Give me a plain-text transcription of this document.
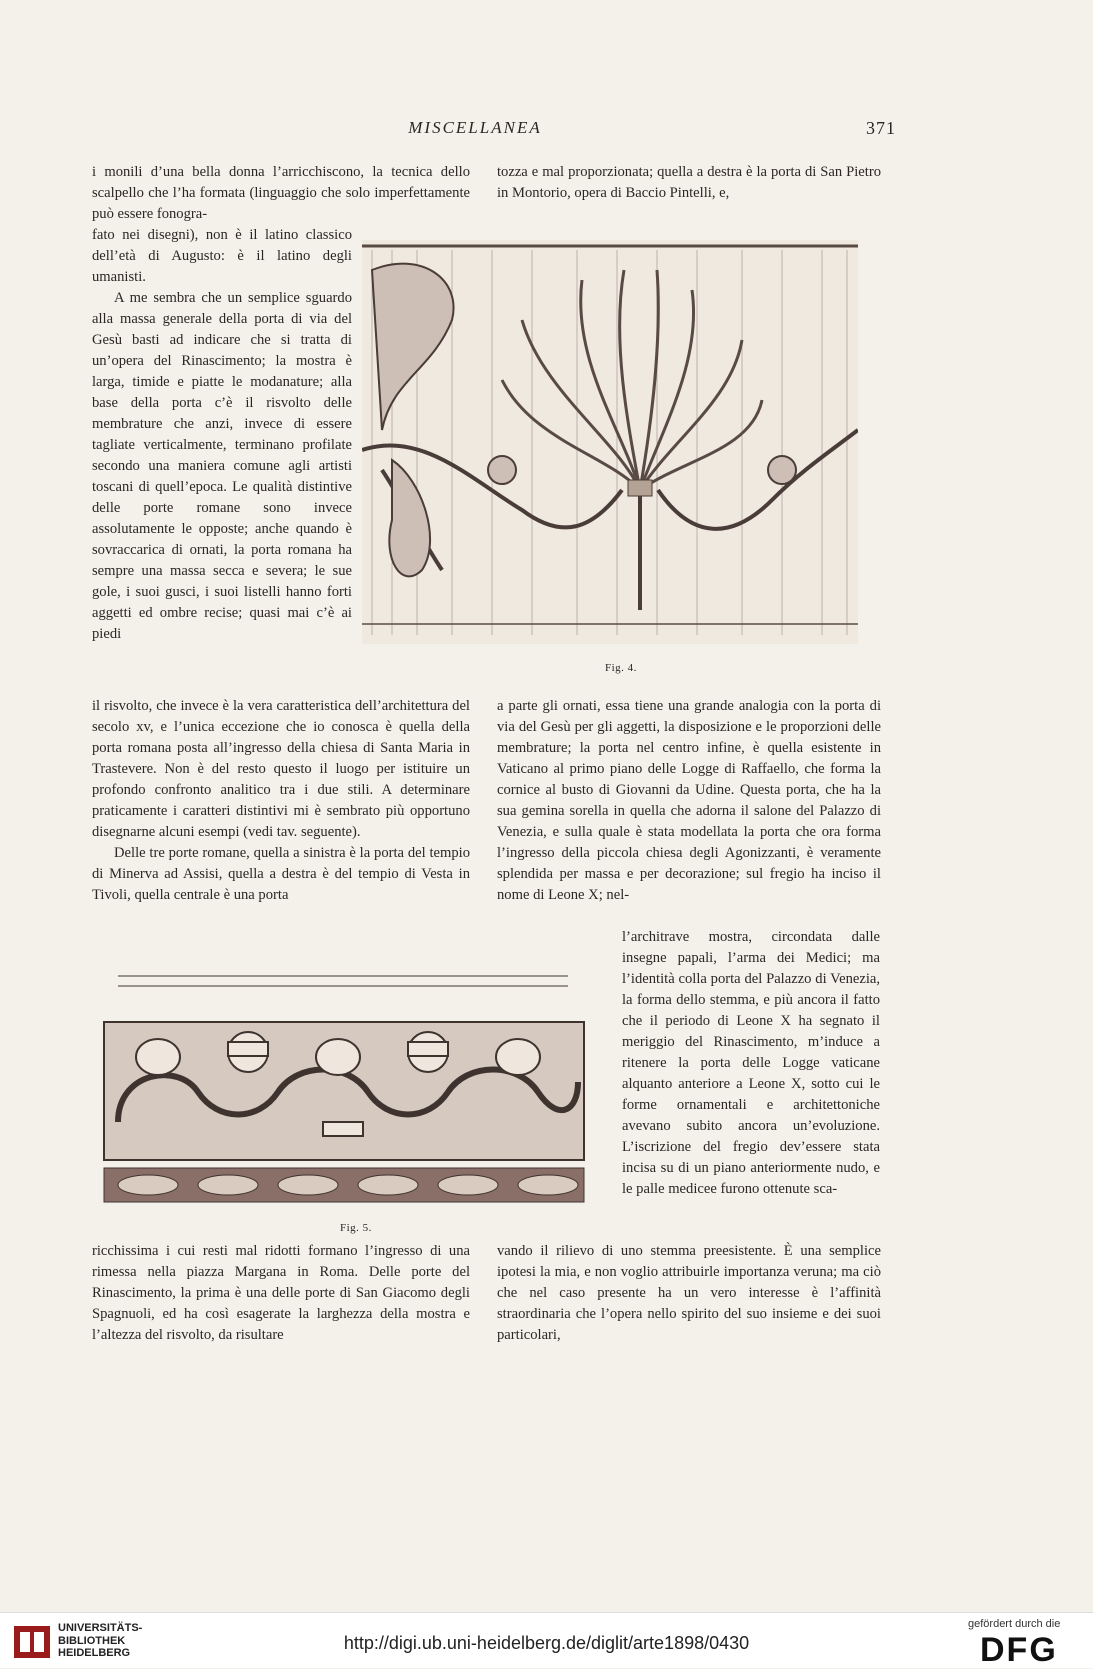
MISCELLANEA	371

i monili d’una bella donna l’arricchiscono, la tecnica dello scalpello che l’ha formata (linguaggio che solo imperfettamente può essere fonogra-

tozza e mal proporzionata; quella a destra è la porta di San Pietro in Montorio, opera di Baccio Pintelli, e,

fato nei disegni), non è il latino classico dell’età di Augusto: è il latino degli umanisti.

A me sembra che un semplice sguardo alla massa generale della porta di via del Gesù basti ad indicare che si tratta di un’opera del Rinascimento; la mostra è larga, timide e piatte le modanature; alla base della porta c’è il risvolto delle membrature che anzi, invece di essere tagliate verticalmente, terminano profilate secondo una maniera comune agli artisti toscani di quell’epoca. Le qualità distintive delle porte romane sono invece assolutamente le opposte; anche quando è sovraccarica di ornati, la porta romana ha sempre una massa secca e severa; le sue gole, i suoi gusci, i suoi listelli hanno forti aggetti ed ombre recise; quasi mai c’è ai piedi

Fig. 4.

il risvolto, che invece è la vera caratteristica dell’architettura del secolo xv, e l’unica eccezione che io conosca è quella della porta romana posta all’ingresso della chiesa di Santa Maria in Trastevere. Non è del resto questo il luogo per istituire un profondo confronto analitico tra i due stili. A determinare praticamente i caratteri distintivi mi è sembrato più opportuno disegnarne alcuni esempi (vedi tav. seguente).

Delle tre porte romane, quella a sinistra è la porta del tempio di Minerva ad Assisi, quella a destra è del tempio di Vesta in Tivoli, quella centrale è una porta

a parte gli ornati, essa tiene una grande analogia con la porta di via del Gesù per gli aggetti, la disposizione e le proporzioni delle membrature; la porta nel centro infine, è quella esistente in Vaticano al primo piano delle Logge di Raffaello, che forma la cornice al busto di Giovanni da Udine. Questa porta, che ha la sua gemina sorella in quella che adorna il salone del Palazzo di Venezia, e sulla quale è stata modellata la porta che ora forma l’ingresso della piccola chiesa degli Agonizzanti, è veramente splendida per massa e per decorazione; sul fregio ha inciso il nome di Leone X; nel-

Fig. 5.

l’architrave mostra, circondata dalle insegne papali, l’arma dei Medici; ma l’identità colla porta del Palazzo di Venezia, la forma dello stemma, e più ancora il fatto che il periodo di Leone X ha segnato il meriggio del Rinascimento, m’induce a ritenere la porta delle Logge vaticane alquanto anteriore a Leone X, sotto cui le forme ornamentali e architettoniche avevano subito ancora un’evoluzione. L’iscrizione del fregio dev’essere stata incisa su di un piano anteriormente nudo, e le palle medicee furono ottenute sca-

ricchissima i cui resti mal ridotti formano l’ingresso di una rimessa nella piazza Margana in Roma. Delle porte del Rinascimento, la prima è una delle porte di San Giacomo degli Spagnuoli, ed ha così esagerate la larghezza della mostra e l’altezza del risvolto, da risultare

vando il rilievo di uno stemma preesistente. È una semplice ipotesi la mia, e non voglio attribuirle importanza veruna; ma ciò che nel caso presente ha un vero interesse è l’affinità straordinaria che l’opera nello spirito del suo insieme e dei suoi particolari,

UNIVERSITÄTS-
BIBLIOTHEK
HEIDELBERG	http://digi.ub.uni-heidelberg.de/diglit/arte1898/0430
gefördert durch die
DFG
